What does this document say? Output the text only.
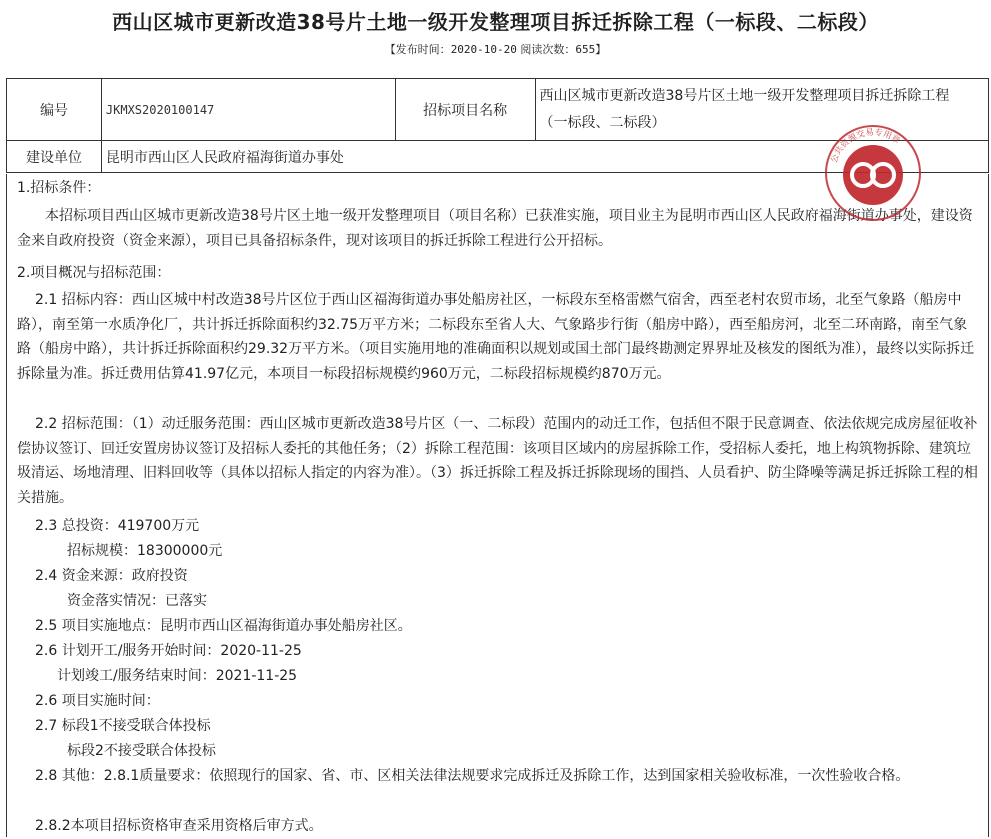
西山区城市更新改造38号片土地一级开发整理项目拆迁拆除工程（一标段、二标段）
【发布时间：2020-10-20 阅读次数：655】
编号	JKMXS2020100147	招标项目名称	西山区城市更新改造38号片区土地一级开发整理项目拆迁拆除工程
（一标段、二标段）

建设单位	昆明市西山区人民政府福海街道办事处		
1.招标条件：
本招标项目西山区城市更新改造38号片区土地一级开发整理项目（项目名称）已获准实施，项目业主为昆明市西山区人民政府福海街道办事处，建设资金来自政府投资（资金来源），项目已具备招标条件，现对该项目的拆迁拆除工程进行公开招标。
2.项目概况与招标范围：
2.1 招标内容：西山区城中村改造38号片区位于西山区福海街道办事处船房社区，一标段东至格雷燃气宿舍，西至老村农贸市场，北至气象路（船房中路），南至第一水质净化厂，共计拆迁拆除面积约32.75万平方米；二标段东至省人大、气象路步行街（船房中路），西至船房河，北至二环南路，南至气象路（船房中路），共计拆迁拆除面积约29.32万平方米。（项目实施用地的准确面积以规划或国土部门最终勘测定界界址及核发的图纸为准），最终以实际拆迁拆除量为准。拆迁费用估算41.97亿元，本项目一标段招标规模约960万元，二标段招标规模约870万元。
2.2 招标范围：（1）动迁服务范围：西山区城市更新改造38号片区（一、二标段）范围内的动迁工作，包括但不限于民意调查、依法依规完成房屋征收补偿协议签订、回迁安置房协议签订及招标人委托的其他任务；（2）拆除工程范围：该项目区域内的房屋拆除工作，受招标人委托，地上构筑物拆除、建筑垃圾清运、场地清理、旧料回收等（具体以招标人指定的内容为准）。（3）拆迁拆除工程及拆迁拆除现场的围挡、人员看护、防尘降噪等满足拆迁拆除工程的相关措施。
2.3 总投资：419700万元
招标规模：18300000元
2.4 资金来源：政府投资
资金落实情况：已落实
2.5 项目实施地点：昆明市西山区福海街道办事处船房社区。
2.6 计划开工/服务开始时间：2020-11-25
计划竣工/服务结束时间：2021-11-25
2.6 项目实施时间：
2.7 标段1不接受联合体投标
标段2不接受联合体投标
2.8 其他：2.8.1质量要求：依照现行的国家、省、市、区相关法律法规要求完成拆迁及拆除工作，达到国家相关验收标准，一次性验收合格。
2.8.2本项目招标资格审查采用资格后审方式。
公共资源交易专用章
